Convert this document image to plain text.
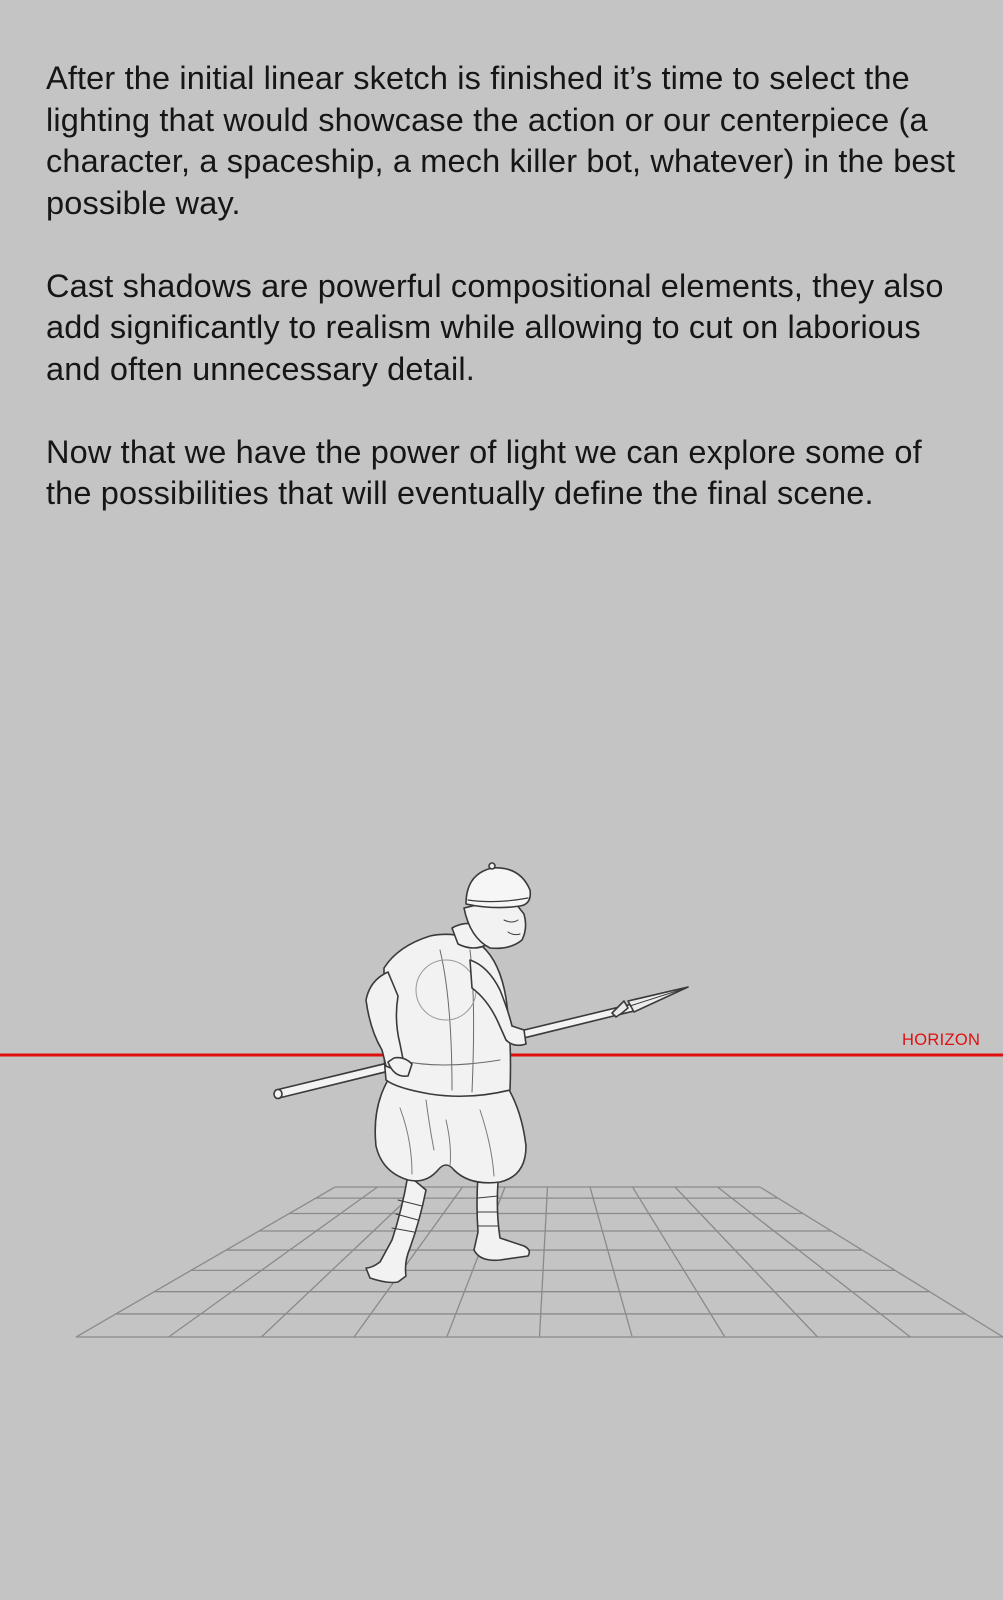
After the initial linear sketch is finished it’s time to select the lighting that would showcase the action or our centerpiece (a character, a spaceship, a mech killer bot, whatever) in the best possible way.

Cast shadows are powerful compositional elements, they also add significantly to realism while allowing to cut on laborious and often unnecessary detail.

Now that we have the power of light we can explore some of the possibilities that will eventually define the final scene.

HORIZON
